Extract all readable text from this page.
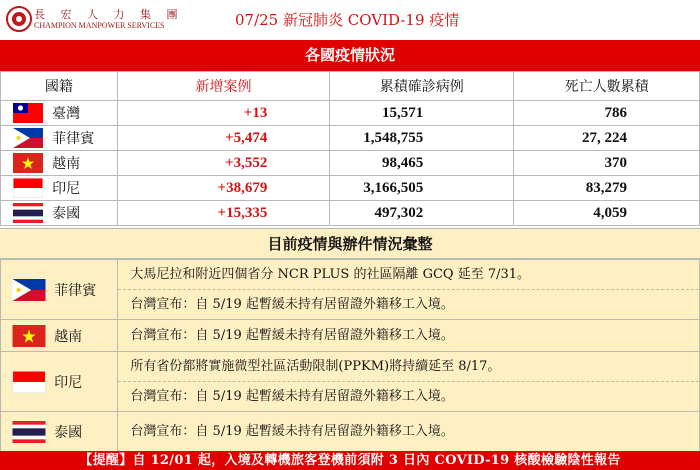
長 宏 人 力 集 團
CHAMPION MANPOWER SERVICES	07/25 新冠肺炎 COVID-19 疫情
各國疫情狀況
國籍	新增案例	累積確診病例	死亡人數累積
臺灣	+13	15,571	786
菲律賓	+5,474	1,548,755	27, 224
越南	+3,552	98,465	370
印尼	+38,679	3,166,505	83,279
泰國	+15,335	497,302	4,059
目前疫情與辦件情況彙整
菲律賓	大馬尼拉和附近四個省分 NCR PLUS 的社區隔離 GCQ 延至 7/31。
台灣宣布：自 5/19 起暫緩未持有居留證外籍移工入境。

越南	台灣宣布：自 5/19 起暫緩未持有居留證外籍移工入境。

印尼	所有省份都將實施微型社區活動限制(PPKM)將持續延至 8/17。
台灣宣布：自 5/19 起暫緩未持有居留證外籍移工入境。

泰國	台灣宣布：自 5/19 起暫緩未持有居留證外籍移工入境。
【提醒】自 12/01 起，入境及轉機旅客登機前須附 3 日內 COVID-19 核酸檢驗陰性報告
